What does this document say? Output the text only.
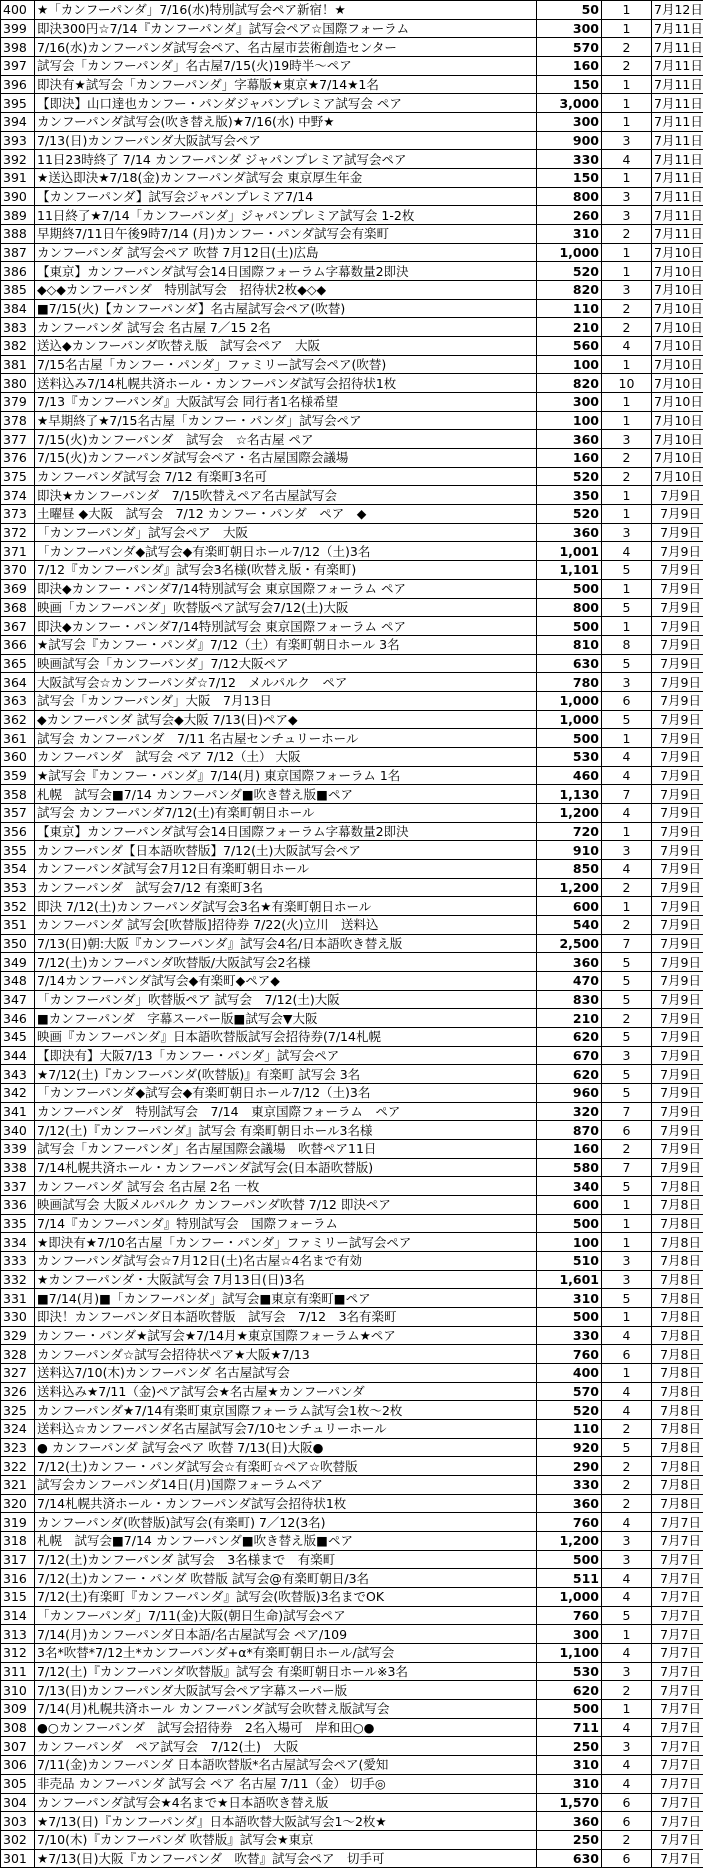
400	★「カンフーパンダ」7/16(水)特別試写会ペア新宿！★	50	1	7月12日
399	即決300円☆7/14『カンフーパンダ』試写会ペア☆国際フォーラム	300	1	7月11日
398	7/16(水)カンフーパンダ試写会ペア、名古屋市芸術創造センター	570	2	7月11日
397	試写会「カンフーパンダ」名古屋7/15(火)19時半～ペア	160	2	7月11日
396	即決有★試写会「カンフーパンダ」字幕版★東京★7/14★1名	150	1	7月11日
395	【即決】山口達也カンフー・パンダジャパンプレミア試写会 ペア	3,000	1	7月11日
394	カンフーパンダ試写会(吹き替え版)★7/16(水) 中野★	300	1	7月11日
393	7/13(日)カンフーパンダ大阪試写会ペア	900	3	7月11日
392	11日23時終了 7/14 カンフーパンダ ジャパンプレミア試写会ペア	330	4	7月11日
391	★送込即決★7/18(金)カンフーパンダ試写会 東京厚生年金	150	1	7月11日
390	【カンフーパンダ】試写会ジャパンプレミア7/14	800	3	7月11日
389	11日終了★7/14「カンフーパンダ」ジャパンプレミア試写会 1-2枚	260	3	7月11日
388	早期終7/11日午後9時7/14 (月)カンフー・パンダ試写会有楽町	310	2	7月11日
387	カンフーパンダ 試写会ペア 吹替 7月12日(土)広島	1,000	1	7月10日
386	【東京】カンフーパンダ試写会14日国際フォーラム字幕数量2即決	520	1	7月10日
385	◆◇◆カンフーパンダ　特別試写会　招待状2枚◆◇◆	820	3	7月10日
384	■7/15(火)【カンフーパンダ】名古屋試写会ペア(吹替)	110	2	7月10日
383	カンフーパンダ 試写会 名古屋 7／15 2名	210	2	7月10日
382	送込◆カンフーパンダ吹替え版　試写会ペア　大阪	560	4	7月10日
381	7/15名古屋「カンフー・パンダ」ファミリー試写会ペア(吹替)	100	1	7月10日
380	送料込み7/14札幌共済ホール・カンフーパンダ試写会招待状1枚	820	10	7月10日
379	7/13『カンフーパンダ』大阪試写会 同行者1名様希望	300	1	7月10日
378	★早期終了★7/15名古屋「カンフー・パンダ」試写会ペア	100	1	7月10日
377	7/15(火)カンフーパンダ　試写会　☆名古屋 ペア	360	3	7月10日
376	7/15(火)カンフーパンダ試写会ペア・名古屋国際会議場	160	2	7月10日
375	カンフーパンダ試写会 7/12 有楽町3名可	520	2	7月10日
374	即決★カンフーパンダ　7/15吹替えペア名古屋試写会	350	1	7月9日
373	土曜昼 ◆大阪　試写会　7/12 カンフー・パンダ　ペア　◆	520	1	7月9日
372	「カンフーパンダ」試写会ペア　大阪	360	3	7月9日
371	「カンフーパンダ◆試写会◆有楽町朝日ホール7/12（土)3名	1,001	4	7月9日
370	7/12『カンフーパンダ』試写会3名様(吹替え版・有楽町)	1,101	5	7月9日
369	即決◆カンフー・パンダ7/14特別試写会 東京国際フォーラム ペア	500	1	7月9日
368	映画「カンフーパンダ」吹替版ペア試写会7/12(土)大阪	800	5	7月9日
367	即決◆カンフー・パンダ7/14特別試写会 東京国際フォーラム ペア	500	1	7月9日
366	★試写会『カンフー・パンダ』7/12（土）有楽町朝日ホール 3名	810	8	7月9日
365	映画試写会「カンフーパンダ」7/12大阪ペア	630	5	7月9日
364	大阪試写会☆カンフーパンダ☆7/12　メルパルク　ペア	780	3	7月9日
363	試写会「カンフーパンダ」大阪　7月13日	1,000	6	7月9日
362	◆カンフーパンダ 試写会◆大阪 7/13(日)ペア◆	1,000	5	7月9日
361	試写会 カンフーパンダ　7/11 名古屋センチュリーホール	500	1	7月9日
360	カンフーパンダ　試写会 ペア 7/12（土） 大阪	530	4	7月9日
359	★試写会『カンフー・パンダ』7/14(月) 東京国際フォーラム 1名	460	4	7月9日
358	札幌　試写会■7/14 カンフーパンダ■吹き替え版■ペア	1,130	7	7月9日
357	試写会 カンフーパンダ7/12(土)有楽町朝日ホール	1,200	4	7月9日
356	【東京】カンフーパンダ試写会14日国際フォーラム字幕数量2即決	720	1	7月9日
355	カンフーパンダ【日本語吹替版】7/12(土)大阪試写会ペア	910	3	7月9日
354	カンフーパンダ試写会7月12日有楽町朝日ホール	850	4	7月9日
353	カンフーパンダ　試写会7/12 有楽町3名	1,200	2	7月9日
352	即決 7/12(土)カンフーパンダ試写会3名★有楽町朝日ホール	600	1	7月9日
351	カンフーパンダ 試写会[吹替版]招待券 7/22(火)立川　送料込	540	2	7月9日
350	7/13(日)朝:大阪『カンフーパンダ』試写会4名/日本語吹き替え版	2,500	7	7月9日
349	7/12(土)カンフーパンダ吹替版/大阪試写会2名様	360	5	7月9日
348	7/14カンフーパンダ試写会◆有楽町◆ペア◆	470	5	7月9日
347	「カンフーパンダ」吹替版ペア 試写会　7/12(土)大阪	830	5	7月9日
346	■カンフーパンダ　字幕スーパー版■試写会▼大阪	210	2	7月9日
345	映画『カンフーパンダ』日本語吹替版試写会招待券(7/14札幌	620	5	7月9日
344	【即決有】大阪7/13「カンフー・パンダ」試写会ペア	670	3	7月9日
343	★7/12(土)『カンフーパンダ(吹替版)』有楽町 試写会 3名	620	5	7月9日
342	「カンフーパンダ◆試写会◆有楽町朝日ホール7/12（土)3名	960	5	7月9日
341	カンフーパンダ　特別試写会　7/14　東京国際フォーラム　ペア	320	7	7月9日
340	7/12(土)『カンフーパンダ』試写会 有楽町朝日ホール3名様	870	6	7月9日
339	試写会「カンフーパンダ」名古屋国際会議場　吹替ペア11日	160	2	7月9日
338	7/14札幌共済ホール・カンフーパンダ試写会(日本語吹替版)	580	7	7月9日
337	カンフーパンダ 試写会 名古屋 2名 一枚	340	5	7月8日
336	映画試写会 大阪メルパルク カンフーパンダ吹替 7/12 即決ペア	600	1	7月8日
335	7/14『カンフーパンダ』特別試写会　国際フォーラム	500	1	7月8日
334	★即決有★7/10名古屋「カンフー・パンダ」ファミリー試写会ペア	100	1	7月8日
333	カンフーパンダ試写会☆7月12日(土)名古屋☆4名まで有効	510	3	7月8日
332	★カンフーパンダ・大阪試写会 7月13日(日)3名	1,601	3	7月8日
331	■7/14(月)■「カンフーパンダ」試写会■東京有楽町■ペア	310	5	7月8日
330	即決！カンフーパンダ日本語吹替版　試写会　7/12　3名有楽町	500	1	7月8日
329	カンフー・パンダ★試写会★7/14月★東京国際フォーラム★ペア	330	4	7月8日
328	カンフーパンダ☆試写会招待状ペア★大阪★7/13	760	6	7月8日
327	送料込7/10(木)カンフーパンダ 名古屋試写会	400	1	7月8日
326	送料込み★7/11（金)ペア試写会★名古屋★カンフーパンダ	570	4	7月8日
325	カンフーパンダ★7/14有楽町東京国際フォーラム試写会1枚～2枚	520	4	7月8日
324	送料込☆カンフーパンダ名古屋試写会7/10センチュリーホール	110	2	7月8日
323	● カンフーパンダ 試写会ペア 吹替 7/13(日)大阪●	920	5	7月8日
322	7/12(土)カンフー・パンダ試写会☆有楽町☆ペア☆吹替版	290	2	7月8日
321	試写会カンフーパンダ14日(月)国際フォーラムペア	330	2	7月8日
320	7/14札幌共済ホール・カンフーパンダ試写会招待状1枚	360	2	7月8日
319	カンフーパンダ(吹替版)試写会(有楽町) 7／12(3名)	760	4	7月7日
318	札幌　試写会■7/14 カンフーパンダ■吹き替え版■ペア	1,200	3	7月7日
317	7/12(土)カンフーパンダ 試写会　3名様まで　有楽町	500	3	7月7日
316	7/12(土)カンフー・パンダ 吹替版 試写会@有楽町朝日/3名	511	4	7月7日
315	7/12(土)有楽町『カンフーパンダ』試写会(吹替版)3名までOK	1,000	4	7月7日
314	「カンフーパンダ」7/11(金)大阪(朝日生命)試写会ペア	760	5	7月7日
313	7/14(月)カンフーパンダ日本語/名古屋試写会 ペア/109	300	1	7月7日
312	3名*吹替*7/12土*カンフーパンダ+α*有楽町朝日ホール/試写会	1,100	4	7月7日
311	7/12(土)『カンフーパンダ吹替版』試写会 有楽町朝日ホール※3名	530	3	7月7日
310	7/13(日)カンフーパンダ大阪試写会ペア字幕スーパー版	620	2	7月7日
309	7/14(月)札幌共済ホール カンフーパンダ試写会吹替え版試写会	500	1	7月7日
308	●○カンフーパンダ　試写会招待券　2名入場可　岸和田○●	711	4	7月7日
307	カンフーパンダ　ペア試写会　7/12(土)　大阪	250	3	7月7日
306	7/11(金)カンフーパンダ 日本語吹替版*名古屋試写会ペア(愛知	310	4	7月7日
305	非売品 カンフーパンダ 試写会 ペア 名古屋 7/11（金） 切手◎	310	4	7月7日
304	カンフーパンダ試写会★4名まで★日本語吹き替え版	1,570	6	7月7日
303	★7/13(日)『カンフーパンダ』日本語吹替大阪試写会1～2枚★	360	6	7月7日
302	7/10(木)『カンフーパンダ 吹替版』試写会★東京	250	2	7月7日
301	★7/13(日)大阪『カンフーパンダ　吹替』試写会ペア　切手可	630	6	7月7日
